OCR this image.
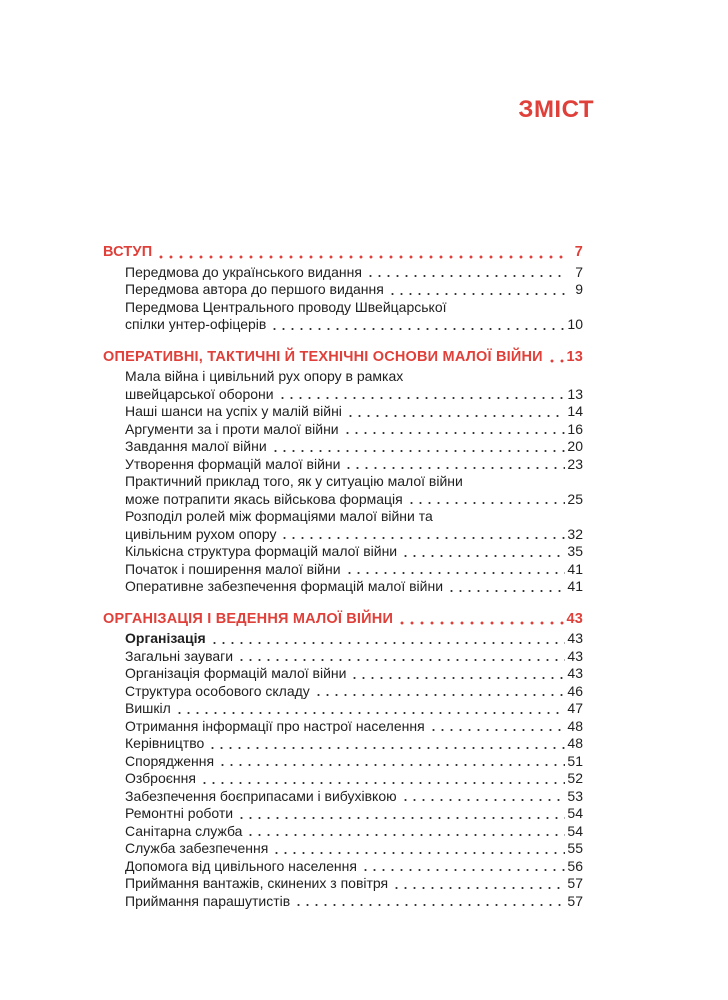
ЗМІСТ
ВСТУП	7
Передмова до українського видання	7
Передмова автора до першого видання	9
Передмова Центрального проводу Швейцарської
спілки унтер-офіцерів	10
ОПЕРАТИВНІ, ТАКТИЧНІ Й ТЕХНІЧНІ ОСНОВИ МАЛОЇ ВІЙНИ 13
Мала війна і цивільний рух опору в рамках
швейцарської оборони	13
Наші шанси на успіх у малій війні	14
Аргументи за і проти малої війни	16
Завдання малої війни	20
Утворення формацій малої війни	23
Практичний приклад того, як у ситуацію малої війни
може потрапити якась військова формація	25
Розподіл ролей між формаціями малої війни та
цивільним рухом опору	32
Кількісна структура формацій малої війни	35
Початок і поширення малої війни	41
Оперативне забезпечення формацій малої війни	41
ОРГАНІЗАЦІЯ І ВЕДЕННЯ МАЛОЇ ВІЙНИ	43
Організація	43
Загальні зауваги	43
Організація формацій малої війни	43
Структура особового складу	46
Вишкіл	47
Отримання інформації про настрої населення	48
Керівництво	48
Спорядження	51
Озброєння	52
Забезпечення боєприпасами і вибухівкою	53
Ремонтні роботи	54
Санітарна служба	54
Служба забезпечення	55
Допомога від цивільного населення	56
Приймання вантажів, скинених з повітря	57
Приймання парашутистів	57
